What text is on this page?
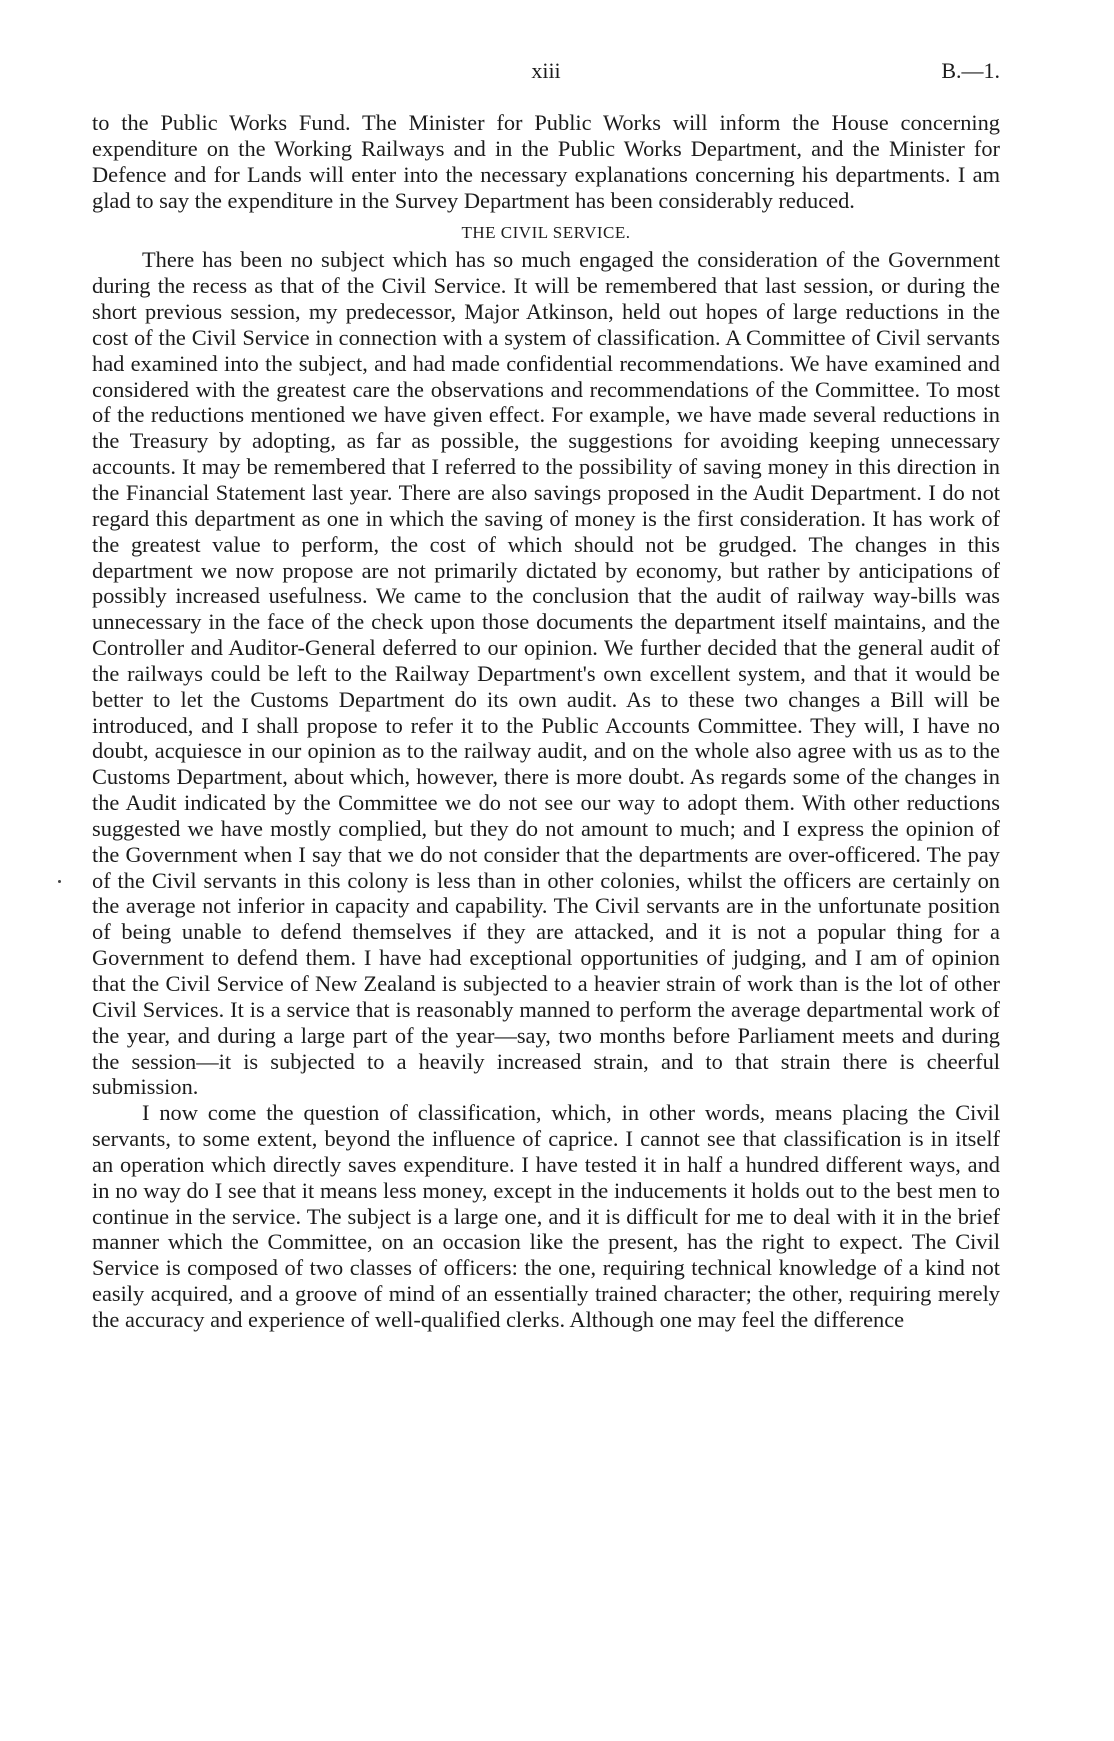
xiii	B.—1.

to the Public Works Fund. The Minister for Public Works will inform the House concerning expenditure on the Working Railways and in the Public Works Department, and the Minister for Defence and for Lands will enter into the necessary explanations concerning his departments. I am glad to say the expenditure in the Survey Department has been considerably reduced.

THE CIVIL SERVICE.

There has been no subject which has so much engaged the consideration of the Government during the recess as that of the Civil Service. It will be remembered that last session, or during the short previous session, my predecessor, Major Atkinson, held out hopes of large reductions in the cost of the Civil Service in connection with a system of classification. A Committee of Civil servants had examined into the subject, and had made confidential recommendations. We have examined and considered with the greatest care the observations and recommendations of the Committee. To most of the reductions mentioned we have given effect. For example, we have made several reductions in the Treasury by adopting, as far as possible, the suggestions for avoiding keeping unnecessary accounts. It may be remembered that I referred to the possibility of saving money in this direction in the Financial Statement last year. There are also savings proposed in the Audit Department. I do not regard this department as one in which the saving of money is the first consideration. It has work of the greatest value to perform, the cost of which should not be grudged. The changes in this department we now propose are not primarily dictated by economy, but rather by anticipations of possibly increased usefulness. We came to the conclusion that the audit of railway way-bills was unnecessary in the face of the check upon those documents the department itself maintains, and the Controller and Auditor-General deferred to our opinion. We further decided that the general audit of the railways could be left to the Railway Department's own excellent system, and that it would be better to let the Customs Department do its own audit. As to these two changes a Bill will be introduced, and I shall propose to refer it to the Public Accounts Committee. They will, I have no doubt, acquiesce in our opinion as to the railway audit, and on the whole also agree with us as to the Customs Department, about which, however, there is more doubt. As regards some of the changes in the Audit indicated by the Committee we do not see our way to adopt them. With other reductions suggested we have mostly complied, but they do not amount to much; and I express the opinion of the Government when I say that we do not consider that the departments are over-officered. The pay of the Civil servants in this colony is less than in other colonies, whilst the officers are certainly on the average not inferior in capacity and capability. The Civil servants are in the unfortunate position of being unable to defend themselves if they are attacked, and it is not a popular thing for a Government to defend them. I have had exceptional opportunities of judging, and I am of opinion that the Civil Service of New Zealand is subjected to a heavier strain of work than is the lot of other Civil Services. It is a service that is reasonably manned to perform the average departmental work of the year, and during a large part of the year—say, two months before Parliament meets and during the session—it is subjected to a heavily increased strain, and to that strain there is cheerful submission.

I now come the question of classification, which, in other words, means placing the Civil servants, to some extent, beyond the influence of caprice. I cannot see that classification is in itself an operation which directly saves expenditure. I have tested it in half a hundred different ways, and in no way do I see that it means less money, except in the inducements it holds out to the best men to continue in the service. The subject is a large one, and it is difficult for me to deal with it in the brief manner which the Committee, on an occasion like the present, has the right to expect. The Civil Service is composed of two classes of officers: the one, requiring technical knowledge of a kind not easily acquired, and a groove of mind of an essentially trained character; the other, requiring merely the accuracy and experience of well-qualified clerks. Although one may feel the difference
